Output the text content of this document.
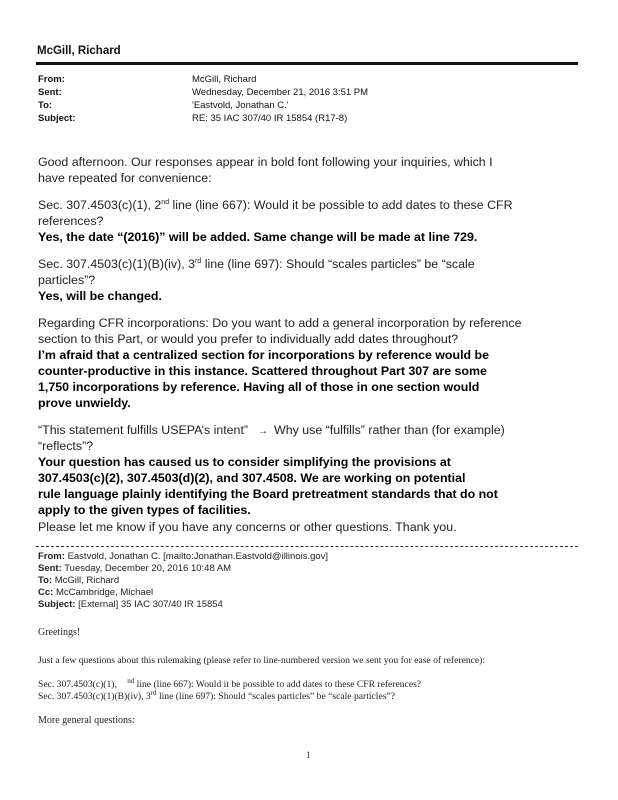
McGill, Richard
From:	McGill, Richard
Sent:	Wednesday, December 21, 2016 3:51 PM
To:	'Eastvold, Jonathan C.'
Subject:	RE: 35 IAC 307/40 IR 15854 (R17-8)
Good afternoon. Our responses appear in bold font following your inquiries, which I
have repeated for convenience:
Sec. 307.4503(c)(1), 2nd line (line 667): Would it be possible to add dates to these CFR
references?
Yes, the date “(2016)” will be added. Same change will be made at line 729.
Sec. 307.4503(c)(1)(B)(iv), 3rd line (line 697): Should “scales particles” be “scale
particles”?
Yes, will be changed.
Regarding CFR incorporations: Do you want to add a general incorporation by reference
section to this Part, or would you prefer to individually add dates throughout?
I’m afraid that a centralized section for incorporations by reference would be
counter-productive in this instance. Scattered throughout Part 307 are some
1,750 incorporations by reference. Having all of those in one section would
prove unwieldy.
“This statement fulfills USEPA’s intent” → Why use “fulfills” rather than (for example)
“reflects”?
Your question has caused us to consider simplifying the provisions at
307.4503(c)(2), 307.4503(d)(2), and 307.4508. We are working on potential
rule language plainly identifying the Board pretreatment standards that do not
apply to the given types of facilities.
Please let me know if you have any concerns or other questions. Thank you.
From: Eastvold, Jonathan C. [mailto:Jonathan.Eastvold@illinois.gov]
Sent: Tuesday, December 20, 2016 10:48 AM
To: McGill, Richard
Cc: McCambridge, Michael
Subject: [External] 35 IAC 307/40 IR 15854
Greetings!
Just a few questions about this rulemaking (please refer to line-numbered version we sent you for ease of reference):
Sec. 307.4503(c)(1), $^{nd}$ line (line 667): Would it be possible to add dates to these CFR references?
Sec. 307.4503(c)(1)(B)(iv), 3rd line (line 697): Should “scales particles” be “scale particles”?
More general questions:
1
